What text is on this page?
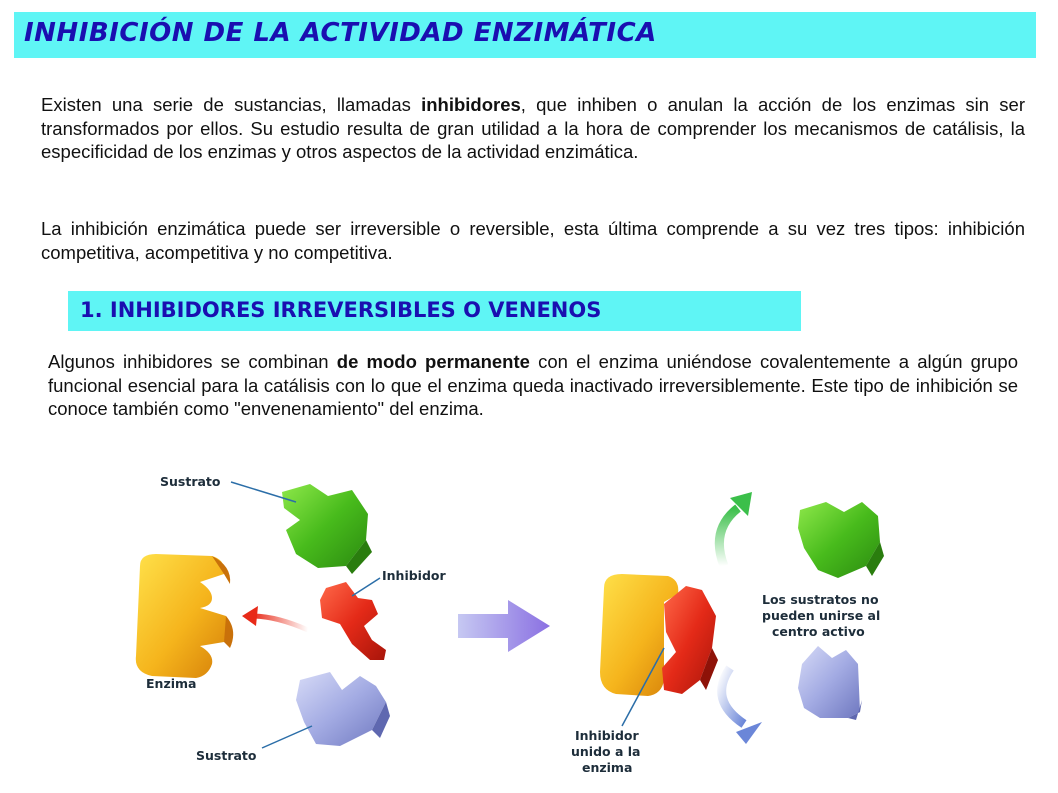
INHIBICIÓN DE LA ACTIVIDAD ENZIMÁTICA

Existen una serie de sustancias, llamadas inhibidores, que inhiben o anulan la acción de los enzimas sin ser transformados por ellos. Su estudio resulta de gran utilidad a la hora de comprender los mecanismos de catálisis, la especificidad de los enzimas y otros aspectos de la actividad enzimática.

La inhibición enzimática puede ser irreversible o reversible, esta última comprende a su vez tres tipos: inhibición competitiva, acompetitiva y no competitiva.

1. INHIBIDORES IRREVERSIBLES O VENENOS

Algunos inhibidores se combinan de modo permanente con el enzima uniéndose covalentemente a algún grupo funcional esencial para la catálisis con lo que el enzima queda inactivado irreversiblemente. Este tipo de inhibición se conoce también como "envenenamiento" del enzima.

Sustrato
Enzima
Inhibidor
Sustrato
Inhibidor
unido a la
enzima
Los sustratos no
pueden unirse al
centro activo
